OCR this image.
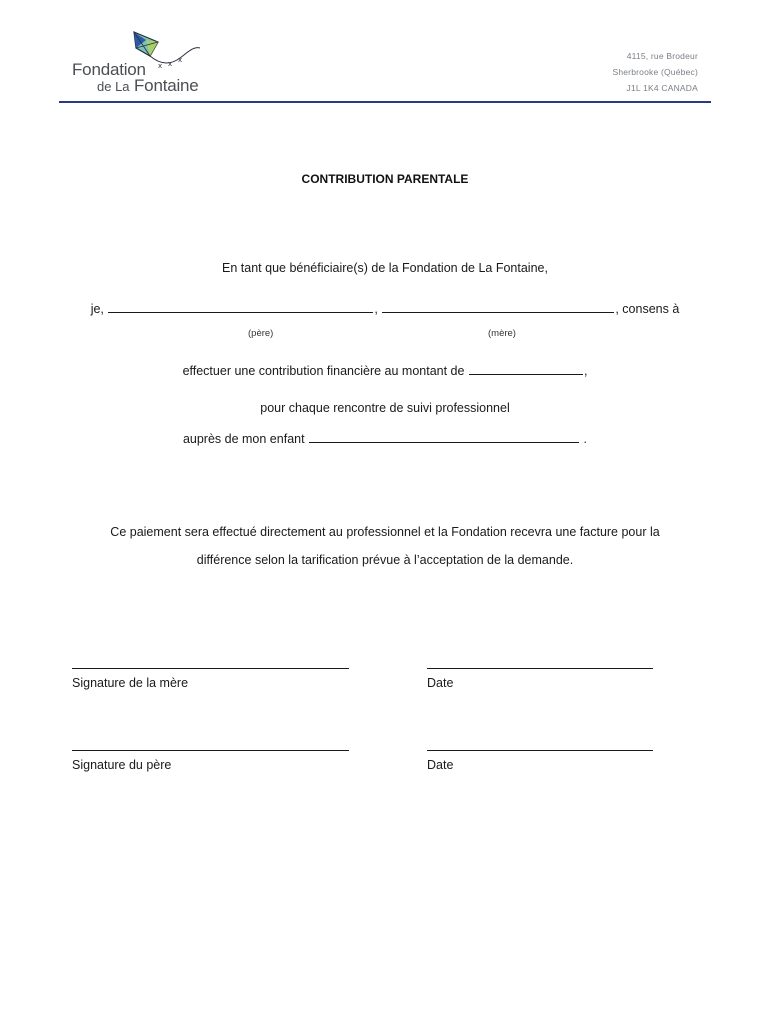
x x x
Fondation
de La Fontaine
4115, rue Brodeur
Sherbrooke (Québec)
J1L 1K4 CANADA
CONTRIBUTION PARENTALE
En tant que bénéficiaire(s) de la Fondation de La Fontaine,
je,	,	, consens à
(père)	(mère)
effectuer une contribution financière au montant de	,
pour chaque rencontre de suivi professionnel
auprès de mon enfant	.
Ce paiement sera effectué directement au professionnel et la Fondation recevra une facture pour la
différence selon la tarification prévue à l’acceptation de la demande.
Signature de la mère	Date
Signature du père	Date
